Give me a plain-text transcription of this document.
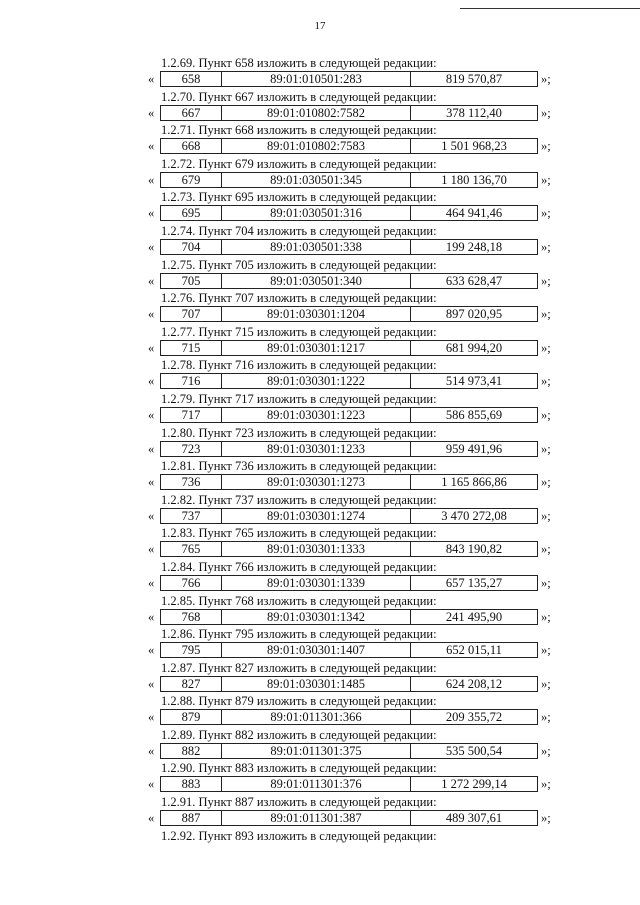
17
1.2.69. Пункт 658 изложить в следующей редакции:
«	658	89:01:010501:283	819 570,87	»;
1.2.70. Пункт 667 изложить в следующей редакции:
«	667	89:01:010802:7582	378 112,40	»;
1.2.71. Пункт 668 изложить в следующей редакции:
«	668	89:01:010802:7583	1 501 968,23	»;
1.2.72. Пункт 679 изложить в следующей редакции:
«	679	89:01:030501:345	1 180 136,70	»;
1.2.73. Пункт 695 изложить в следующей редакции:
«	695	89:01:030501:316	464 941,46	»;
1.2.74. Пункт 704 изложить в следующей редакции:
«	704	89:01:030501:338	199 248,18	»;
1.2.75. Пункт 705 изложить в следующей редакции:
«	705	89:01:030501:340	633 628,47	»;
1.2.76. Пункт 707 изложить в следующей редакции:
«	707	89:01:030301:1204	897 020,95	»;
1.2.77. Пункт 715 изложить в следующей редакции:
«	715	89:01:030301:1217	681 994,20	»;
1.2.78. Пункт 716 изложить в следующей редакции:
«	716	89:01:030301:1222	514 973,41	»;
1.2.79. Пункт 717 изложить в следующей редакции:
«	717	89:01:030301:1223	586 855,69	»;
1.2.80. Пункт 723 изложить в следующей редакции:
«	723	89:01:030301:1233	959 491,96	»;
1.2.81. Пункт 736 изложить в следующей редакции:
«	736	89:01:030301:1273	1 165 866,86	»;
1.2.82. Пункт 737 изложить в следующей редакции:
«	737	89:01:030301:1274	3 470 272,08	»;
1.2.83. Пункт 765 изложить в следующей редакции:
«	765	89:01:030301:1333	843 190,82	»;
1.2.84. Пункт 766 изложить в следующей редакции:
«	766	89:01:030301:1339	657 135,27	»;
1.2.85. Пункт 768 изложить в следующей редакции:
«	768	89:01:030301:1342	241 495,90	»;
1.2.86. Пункт 795 изложить в следующей редакции:
«	795	89:01:030301:1407	652 015,11	»;
1.2.87. Пункт 827 изложить в следующей редакции:
«	827	89:01:030301:1485	624 208,12	»;
1.2.88. Пункт 879 изложить в следующей редакции:
«	879	89:01:011301:366	209 355,72	»;
1.2.89. Пункт 882 изложить в следующей редакции:
«	882	89:01:011301:375	535 500,54	»;
1.2.90. Пункт 883 изложить в следующей редакции:
«	883	89:01:011301:376	1 272 299,14	»;
1.2.91. Пункт 887 изложить в следующей редакции:
«	887	89:01:011301:387	489 307,61	»;
1.2.92. Пункт 893 изложить в следующей редакции:
